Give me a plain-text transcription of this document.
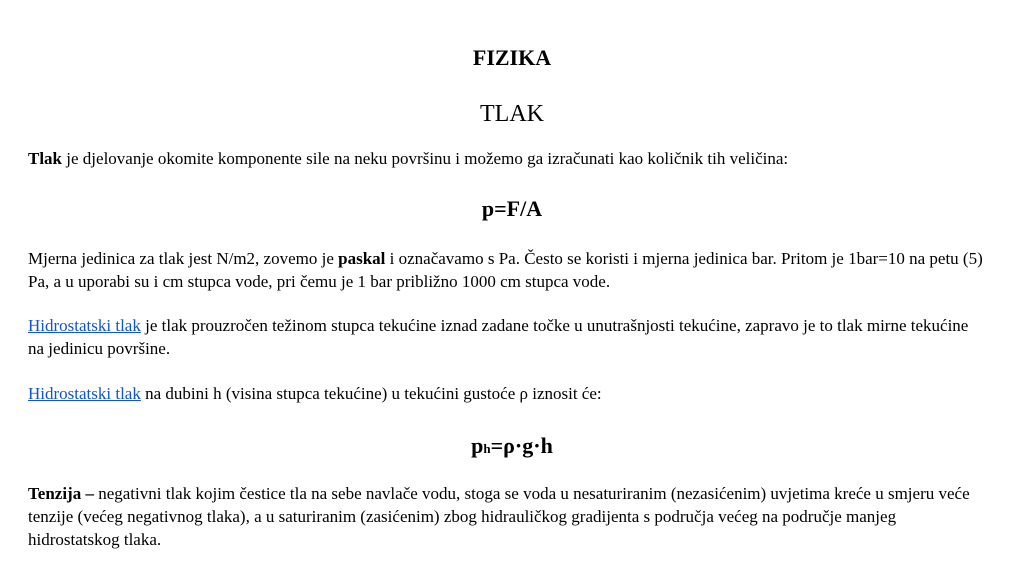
FIZIKA
TLAK

Tlak je djelovanje okomite komponente sile na neku površinu i možemo ga izračunati kao količnik tih veličina:

p=F/A

Mjerna jedinica za tlak jest N/m2, zovemo je paskal i označavamo s Pa. Često se koristi i mjerna jedinica bar. Pritom je 1bar=10 na petu (5) Pa, a u uporabi su i cm stupca vode, pri čemu je 1 bar približno 1000 cm stupca vode.

Hidrostatski tlak je tlak prouzročen težinom stupca tekućine iznad zadane točke u unutrašnjosti tekućine, zapravo je to tlak mirne tekućine na jedinicu površine.

Hidrostatski tlak na dubini h (visina stupca tekućine) u tekućini gustoće ρ iznosit će:

ph=ρ·g·h

Tenzija – negativni tlak kojim čestice tla na sebe navlače vodu, stoga se voda u nesaturiranim (nezasićenim) uvjetima kreće u smjeru veće tenzije (većeg negativnog tlaka), a u saturiranim (zasićenim) zbog hidrauličkog gradijenta s područja većeg na područje manjeg hidrostatskog tlaka.
